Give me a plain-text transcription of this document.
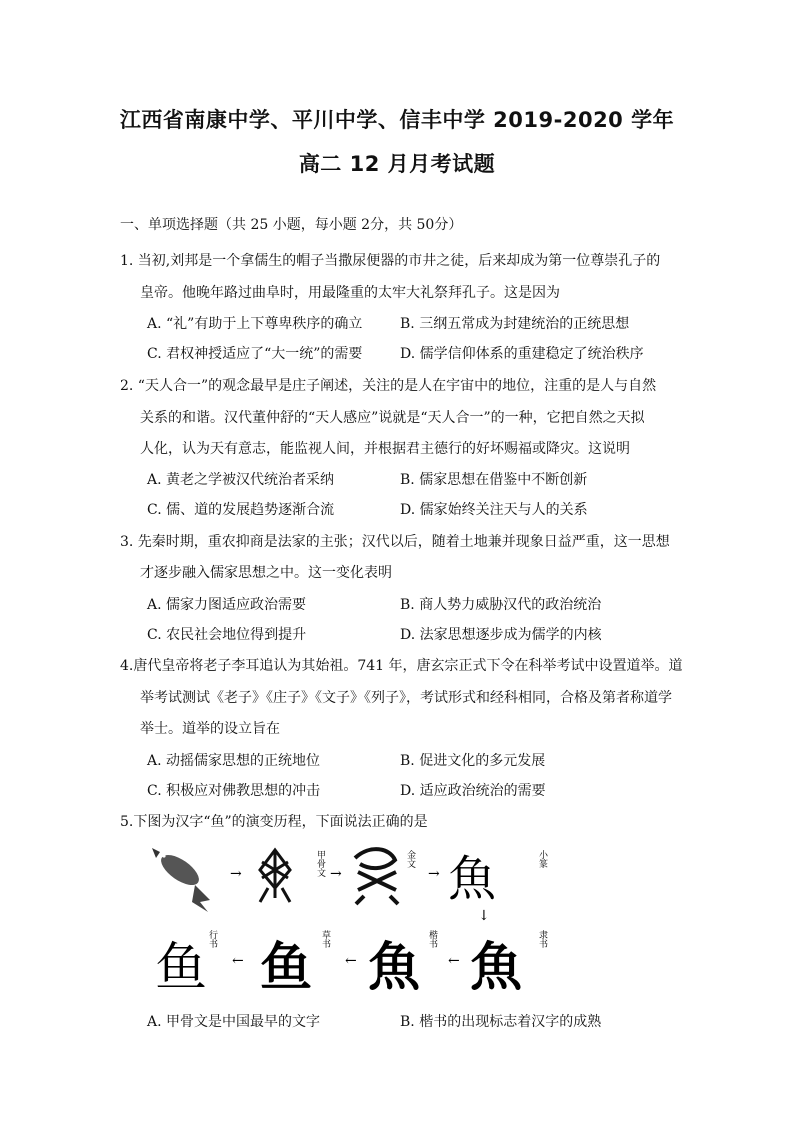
江西省南康中学、平川中学、信丰中学 2019-2020 学年
高二 12 月月考试题
一、单项选择题（共 25 小题，每小题 2分，共 50分）
1. 当初,刘邦是一个拿儒生的帽子当撒尿便器的市井之徒，后来却成为第一位尊崇孔子的
皇帝。他晚年路过曲阜时，用最隆重的太牢大礼祭拜孔子。这是因为
A. “礼”有助于上下尊卑秩序的确立	B. 三纲五常成为封建统治的正统思想
C. 君权神授适应了“大一统”的需要	D. 儒学信仰体系的重建稳定了统治秩序
2. “天人合一”的观念最早是庄子阐述，关注的是人在宇宙中的地位，注重的是人与自然
关系的和谐。汉代董仲舒的“天人感应”说就是“天人合一”的一种，它把自然之天拟
人化，认为天有意志，能监视人间，并根据君主德行的好坏赐福或降灾。这说明
A. 黄老之学被汉代统治者采纳	B. 儒家思想在借鉴中不断创新
C. 儒、道的发展趋势逐渐合流	D. 儒家始终关注天与人的关系
3. 先秦时期，重农抑商是法家的主张；汉代以后，随着土地兼并现象日益严重，这一思想
才逐步融入儒家思想之中。这一变化表明
A. 儒家力图适应政治需要	B. 商人势力威胁汉代的政治统治
C. 农民社会地位得到提升	D. 法家思想逐步成为儒学的内核
4.唐代皇帝将老子李耳追认为其始祖。741 年，唐玄宗正式下令在科举考试中设置道举。道
举考试测试《老子》《庄子》《文子》《列子》，考试形式和经科相同，合格及第者称道学
举士。道举的设立旨在
A. 动摇儒家思想的正统地位	B. 促进文化的多元发展
C. 积极应对佛教思想的冲击	D. 适应政治统治的需要
5.下图为汉字“鱼”的演变历程，下面说法正确的是
→	甲骨文	金文
→ 魚	小篆
→
↓
鱼 行书
← 鱼 草书
← 魚 楷书
← 魚 隶书
A. 甲骨文是中国最早的文字	B. 楷书的出现标志着汉字的成熟
